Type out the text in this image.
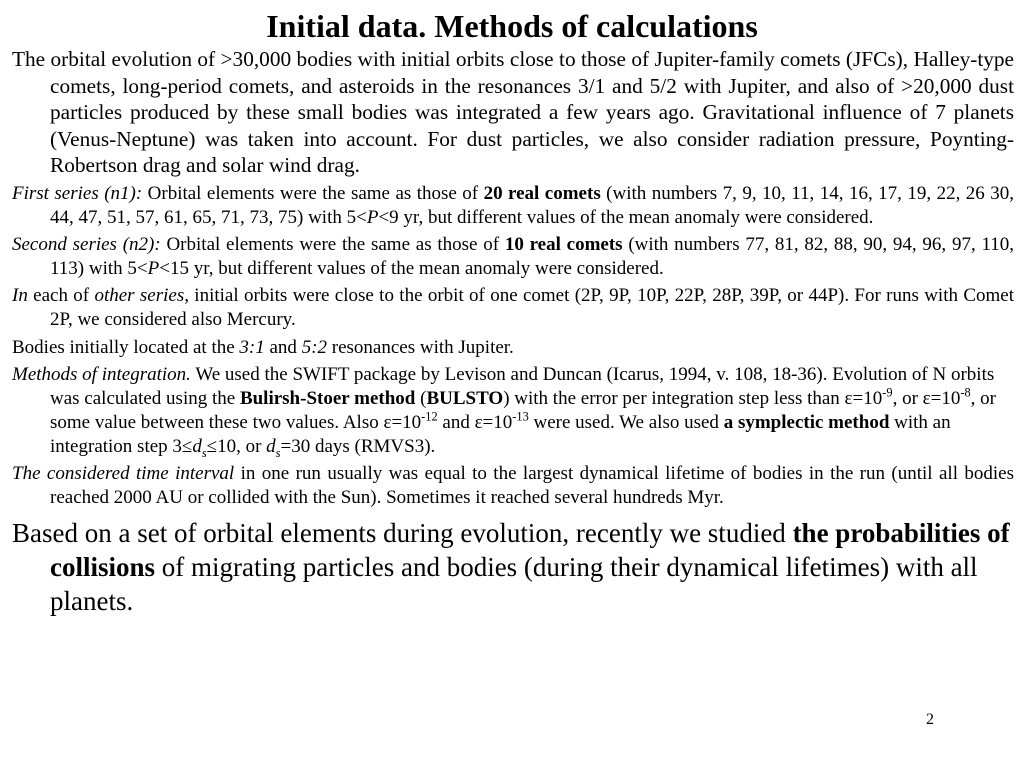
Initial data. Methods of calculations

The orbital evolution of >30,000 bodies with initial orbits close to those of Jupiter-family comets (JFCs), Halley-type comets, long-period comets, and asteroids in the resonances 3/1 and 5/2 with Jupiter, and also of >20,000 dust particles produced by these small bodies was integrated a few years ago. Gravitational influence of 7 planets (Venus-Neptune) was taken into account. For dust particles, we also consider radiation pressure, Poynting-Robertson drag and solar wind drag.

First series (n1): Orbital elements were the same as those of 20 real comets (with numbers 7, 9, 10, 11, 14, 16, 17, 19, 22, 26 30, 44, 47, 51, 57, 61, 65, 71, 73, 75) with 5<P<9 yr, but different values of the mean anomaly were considered.

Second series (n2): Orbital elements were the same as those of 10 real comets (with numbers 77, 81, 82, 88, 90, 94, 96, 97, 110, 113) with 5<P<15 yr, but different values of the mean anomaly were considered.

In each of other series, initial orbits were close to the orbit of one comet (2P, 9P, 10P, 22P, 28P, 39P, or 44P). For runs with Comet 2P, we considered also Mercury.

Bodies initially located at the 3:1 and 5:2 resonances with Jupiter.

Methods of integration. We used the SWIFT package by Levison and Duncan (Icarus, 1994, v. 108, 18-36). Evolution of N orbits was calculated using the Bulirsh-Stoer method (BULSTO) with the error per integration step less than $\varepsilon=10^{-9}$, or $\varepsilon=10^{-8}$, or some value between these two values. Also $\varepsilon=10^{-12}$ and $\varepsilon=10^{-13}$ were used. We also used a symplectic method with an integration step $3\le d_s\le 10$, or $d_s=30$ days (RMVS3).

The considered time interval in one run usually was equal to the largest dynamical lifetime of bodies in the run (until all bodies reached 2000 AU or collided with the Sun). Sometimes it reached several hundreds Myr.

Based on a set of orbital elements during evolution, recently we studied the probabilities of collisions of migrating particles and bodies (during their dynamical lifetimes) with all planets.

2
